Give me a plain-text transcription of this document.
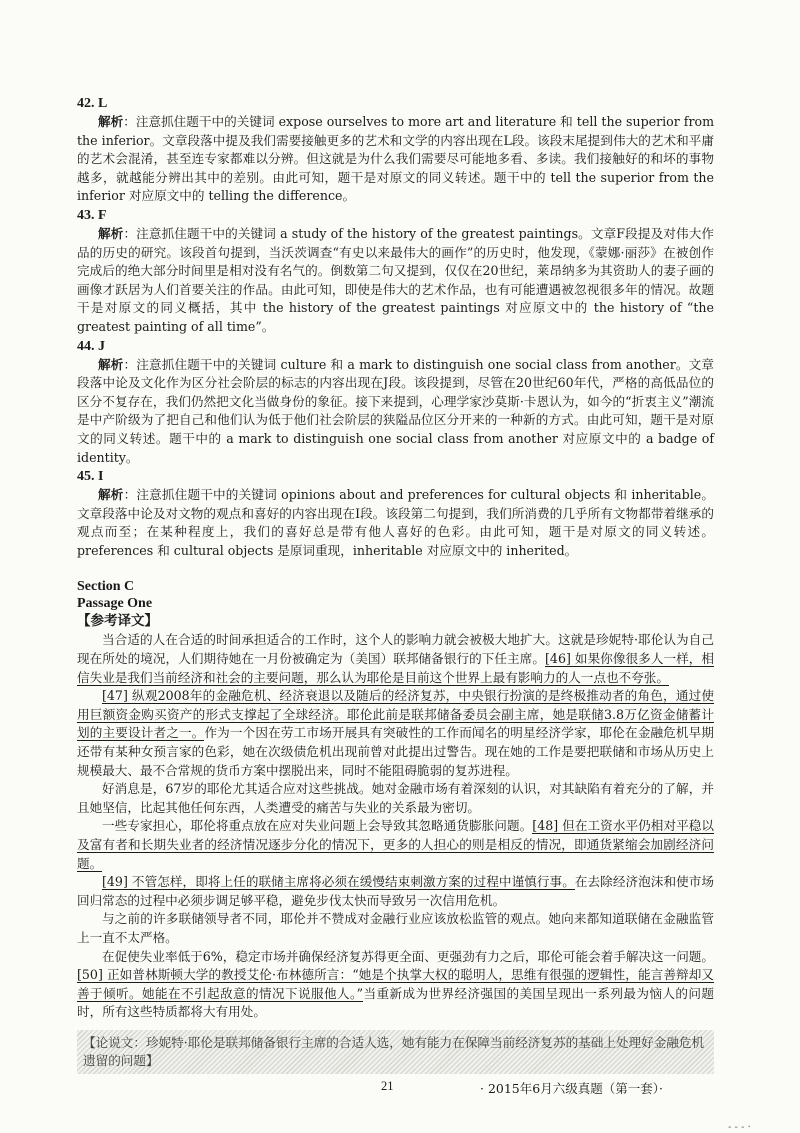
42. L

解析：注意抓住题干中的关键词 expose ourselves to more art and literature 和 tell the superior from the inferior。文章段落中提及我们需要接触更多的艺术和文学的内容出现在L段。该段末尾提到伟大的艺术和平庸的艺术会混淆，甚至连专家都难以分辨。但这就是为什么我们需要尽可能地多看、多读。我们接触好的和坏的事物越多，就越能分辨出其中的差别。由此可知，题干是对原文的同义转述。题干中的 tell the superior from the inferior 对应原文中的 telling the difference。

43. F

解析：注意抓住题干中的关键词 a study of the history of the greatest paintings。文章F段提及对伟大作品的历史的研究。该段首句提到，当沃茨调查“有史以来最伟大的画作”的历史时，他发现，《蒙娜·丽莎》在被创作完成后的绝大部分时间里是相对没有名气的。倒数第二句又提到，仅仅在20世纪，莱昂纳多为其资助人的妻子画的画像才跃居为人们首要关注的作品。由此可知，即使是伟大的艺术作品，也有可能遭遇被忽视很多年的情况。故题干是对原文的同义概括，其中 the history of the greatest paintings 对应原文中的 the history of “the greatest painting of all time”。

44. J

解析：注意抓住题干中的关键词 culture 和 a mark to distinguish one social class from another。文章段落中论及文化作为区分社会阶层的标志的内容出现在J段。该段提到，尽管在20世纪60年代，严格的高低品位的区分不复存在，我们仍然把文化当做身份的象征。接下来提到，心理学家沙莫斯·卡恩认为，如今的“折衷主义”潮流是中产阶级为了把自己和他们认为低于他们社会阶层的狭隘品位区分开来的一种新的方式。由此可知，题干是对原文的同义转述。题干中的 a mark to distinguish one social class from another 对应原文中的 a badge of identity。

45. I

解析：注意抓住题干中的关键词 opinions about and preferences for cultural objects 和 inheritable。文章段落中论及对文物的观点和喜好的内容出现在I段。该段第二句提到，我们所消费的几乎所有文物都带着继承的观点而至；在某种程度上，我们的喜好总是带有他人喜好的色彩。由此可知，题干是对原文的同义转述。preferences 和 cultural objects 是原词重现，inheritable 对应原文中的 inherited。

Section C
Passage One
【参考译文】

当合适的人在合适的时间承担适合的工作时，这个人的影响力就会被极大地扩大。这就是珍妮特·耶伦认为自己现在所处的境况，人们期待她在一月份被确定为（美国）联邦储备银行的下任主席。[46] 如果你像很多人一样，相信失业是我们当前经济和社会的主要问题，那么认为耶伦是目前这个世界上最有影响力的人一点也不夸张。

[47] 纵观2008年的金融危机、经济衰退以及随后的经济复苏，中央银行扮演的是终极推动者的角色，通过使用巨额资金购买资产的形式支撑起了全球经济。耶伦此前是联邦储备委员会副主席，她是联储3.8万亿资金储蓄计划的主要设计者之一。作为一个因在劳工市场开展具有突破性的工作而闻名的明星经济学家，耶伦在金融危机早期还带有某种女预言家的色彩，她在次级债危机出现前曾对此提出过警告。现在她的工作是要把联储和市场从历史上规模最大、最不合常规的货币方案中摆脱出来，同时不能阻碍脆弱的复苏进程。

好消息是，67岁的耶伦尤其适合应对这些挑战。她对金融市场有着深刻的认识，对其缺陷有着充分的了解，并且她坚信，比起其他任何东西，人类遭受的痛苦与失业的关系最为密切。

一些专家担心，耶伦将重点放在应对失业问题上会导致其忽略通货膨胀问题。[48] 但在工资水平仍相对平稳以及富有者和长期失业者的经济情况逐步分化的情况下，更多的人担心的则是相反的情况，即通货紧缩会加剧经济问题。

[49] 不管怎样，即将上任的联储主席将必须在缓慢结束刺激方案的过程中谨慎行事。在去除经济泡沫和使市场回归常态的过程中必须步调足够平稳，避免步伐太快而导致另一次信用危机。

与之前的许多联储领导者不同，耶伦并不赞成对金融行业应该放松监管的观点。她向来都知道联储在金融监管上一直不太严格。

在促使失业率低于6%，稳定市场并确保经济复苏得更全面、更强劲有力之后，耶伦可能会着手解决这一问题。[50] 正如普林斯顿大学的教授艾伦·布林德所言：“她是个执掌大权的聪明人，思维有很强的逻辑性，能言善辩却又善于倾听。她能在不引起敌意的情况下说服他人。”当重新成为世界经济强国的美国呈现出一系列最为恼人的问题时，所有这些特质都将大有用处。

【论说文：珍妮特·耶伦是联邦储备银行主席的合适人选，她有能力在保障当前经济复苏的基础上处理好金融危机遗留的问题】
21	· 2015年6月六级真题（第一套）·
- - - ·
